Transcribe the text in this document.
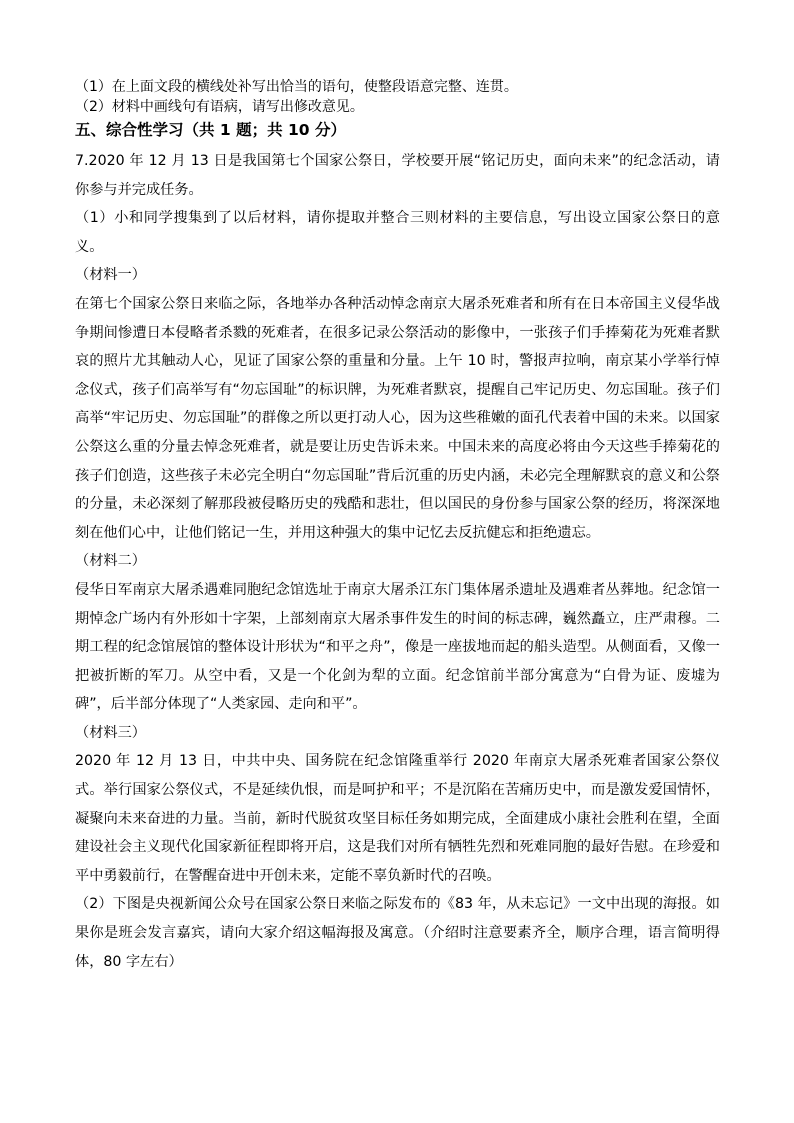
（1）在上面文段的横线处补写出恰当的语句，使整段语意完整、连贯。
（2）材料中画线句有语病，请写出修改意见。
五、综合性学习（共 1 题；共 10 分）
7.2020 年 12 月 13 日是我国第七个国家公祭日，学校要开展“铭记历史，面向未来”的纪念活动，请你参与并完成任务。
（1）小和同学搜集到了以后材料，请你提取并整合三则材料的主要信息，写出设立国家公祭日的意义。
（材料一）
在第七个国家公祭日来临之际，各地举办各种活动悼念南京大屠杀死难者和所有在日本帝国主义侵华战争期间惨遭日本侵略者杀戮的死难者，在很多记录公祭活动的影像中，一张孩子们手捧菊花为死难者默哀的照片尤其触动人心，见证了国家公祭的重量和分量。上午 10 时，警报声拉响，南京某小学举行悼念仪式，孩子们高举写有“勿忘国耻”的标识牌，为死难者默哀，提醒自己牢记历史、勿忘国耻。孩子们高举“牢记历史、勿忘国耻”的群像之所以更打动人心，因为这些稚嫩的面孔代表着中国的未来。以国家公祭这么重的分量去悼念死难者，就是要让历史告诉未来。中国未来的高度必将由今天这些手捧菊花的孩子们创造，这些孩子未必完全明白“勿忘国耻”背后沉重的历史内涵，未必完全理解默哀的意义和公祭的分量，未必深刻了解那段被侵略历史的残酷和悲壮，但以国民的身份参与国家公祭的经历，将深深地刻在他们心中，让他们铭记一生，并用这种强大的集中记忆去反抗健忘和拒绝遗忘。
（材料二）
侵华日军南京大屠杀遇难同胞纪念馆选址于南京大屠杀江东门集体屠杀遗址及遇难者丛葬地。纪念馆一期悼念广场内有外形如十字架，上部刻南京大屠杀事件发生的时间的标志碑，巍然矗立，庄严肃穆。二期工程的纪念馆展馆的整体设计形状为“和平之舟”，像是一座拔地而起的船头造型。从侧面看，又像一把被折断的军刀。从空中看，又是一个化剑为犁的立面。纪念馆前半部分寓意为“白骨为证、废墟为碑”，后半部分体现了“人类家园、走向和平”。
（材料三）
2020 年 12 月 13 日，中共中央、国务院在纪念馆隆重举行 2020 年南京大屠杀死难者国家公祭仪式。举行国家公祭仪式，不是延续仇恨，而是呵护和平；不是沉陷在苦痛历史中，而是激发爱国情怀，凝聚向未来奋进的力量。当前，新时代脱贫攻坚目标任务如期完成，全面建成小康社会胜利在望，全面建设社会主义现代化国家新征程即将开启，这是我们对所有牺牲先烈和死难同胞的最好告慰。在珍爱和平中勇毅前行，在警醒奋进中开创未来，定能不辜负新时代的召唤。
（2）下图是央视新闻公众号在国家公祭日来临之际发布的《83 年，从未忘记》一文中出现的海报。如果你是班会发言嘉宾，请向大家介绍这幅海报及寓意。（介绍时注意要素齐全，顺序合理，语言简明得体，80 字左右）
